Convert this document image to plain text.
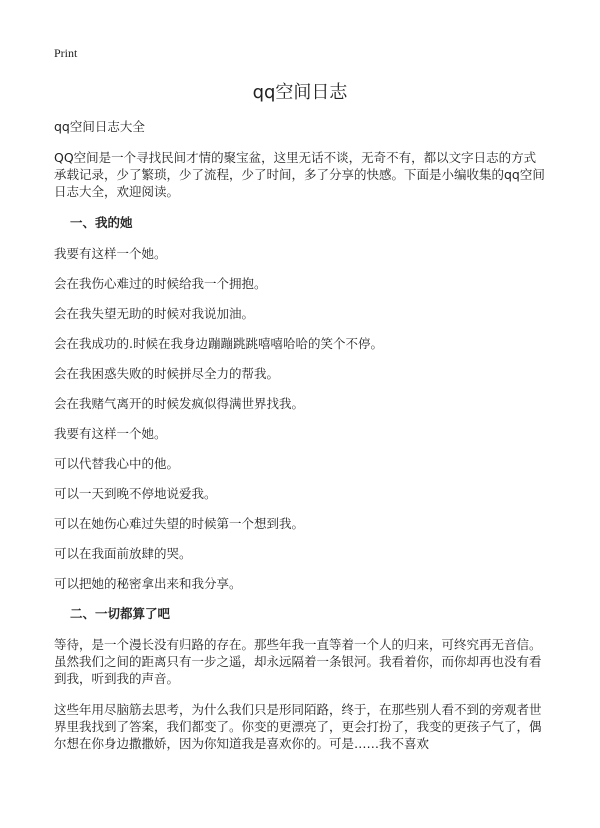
Print
qq空间日志

qq空间日志大全

QQ空间是一个寻找民间才情的聚宝盆，这里无话不谈，无奇不有，都以文字日志的方式承载记录，少了繁琐，少了流程，少了时间，多了分享的快感。下面是小编收集的qq空间日志大全，欢迎阅读。

一、我的她

我要有这样一个她。

会在我伤心难过的时候给我一个拥抱。

会在我失望无助的时候对我说加油。

会在我成功的.时候在我身边蹦蹦跳跳嘻嘻哈哈的笑个不停。

会在我困惑失败的时候拼尽全力的帮我。

会在我赌气离开的时候发疯似得满世界找我。

我要有这样一个她。

可以代替我心中的他。

可以一天到晚不停地说爱我。

可以在她伤心难过失望的时候第一个想到我。

可以在我面前放肆的哭。

可以把她的秘密拿出来和我分享。

二、一切都算了吧

等待，是一个漫长没有归路的存在。那些年我一直等着一个人的归来，可终究再无音信。虽然我们之间的距离只有一步之遥，却永远隔着一条银河。我看着你，而你却再也没有看到我，听到我的声音。

这些年用尽脑筋去思考，为什么我们只是形同陌路，终于，在那些别人看不到的旁观者世界里我找到了答案，我们都变了。你变的更漂亮了，更会打扮了，我变的更孩子气了，偶尔想在你身边撒撒娇，因为你知道我是喜欢你的。可是……我不喜欢
